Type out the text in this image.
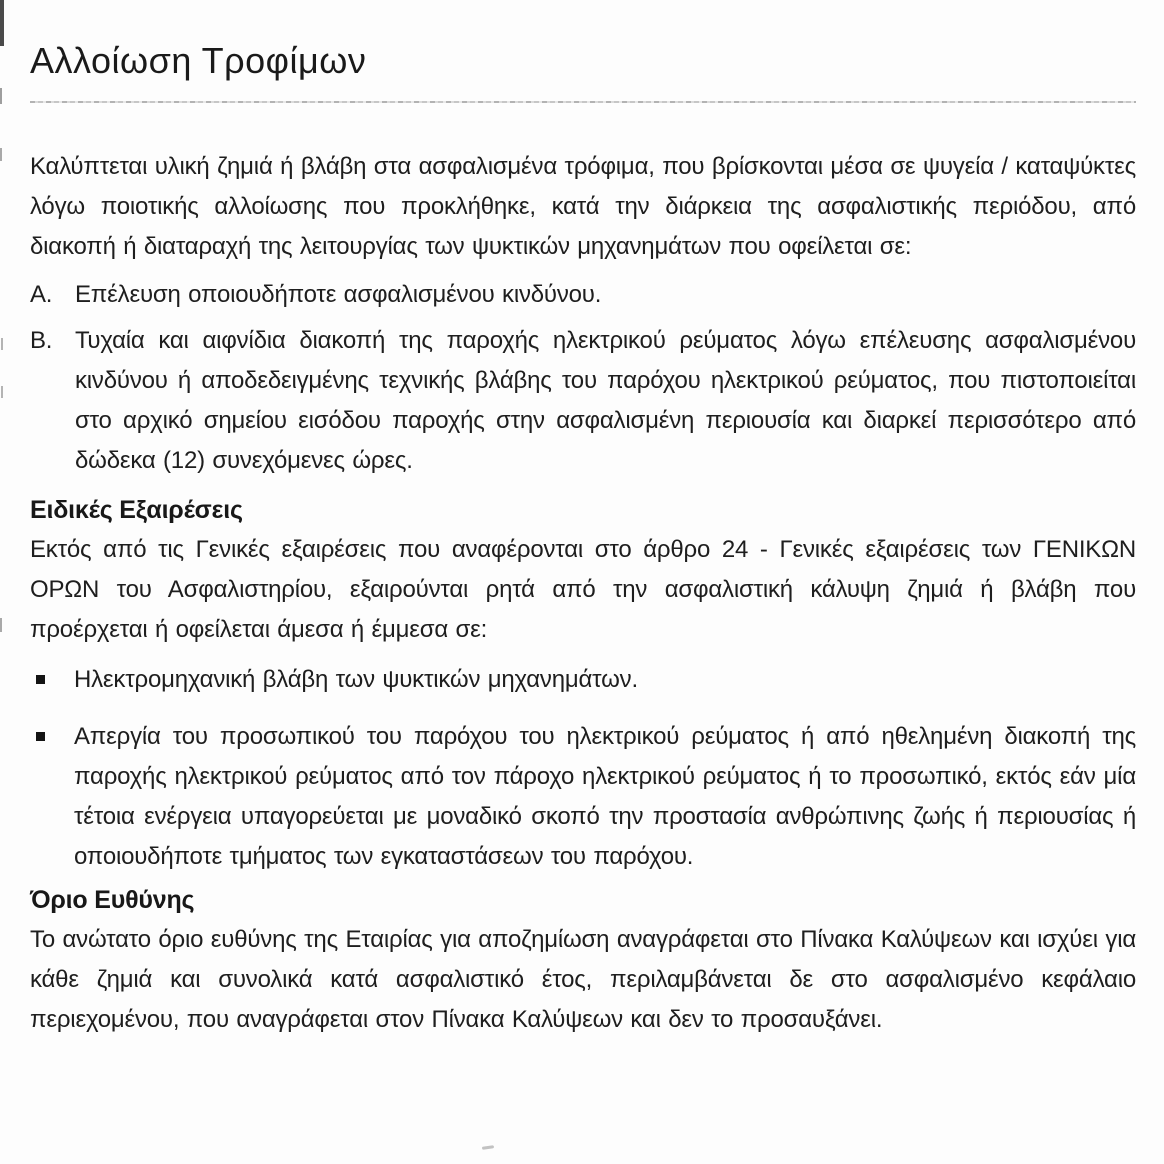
Αλλοίωση Τροφίμων

Καλύπτεται υλική ζημιά ή βλάβη στα ασφαλισμένα τρόφιμα, που βρίσκονται μέσα σε ψυγεία / καταψύκτες λόγω ποιοτικής αλλοίωσης που προκλήθηκε, κατά την διάρκεια της ασφαλιστικής περιόδου, από διακοπή ή διαταραχή της λειτουργίας των ψυκτικών μηχανημάτων που οφείλεται σε:

Α. Επέλευση οποιουδήποτε ασφαλισμένου κινδύνου.
Β. Τυχαία και αιφνίδια διακοπή της παροχής ηλεκτρικού ρεύματος λόγω επέλευσης ασφαλισμένου κινδύνου ή αποδεδειγμένης τεχνικής βλάβης του παρόχου ηλεκτρικού ρεύματος, που πιστοποιείται στο αρχικό σημείου εισόδου παροχής στην ασφαλισμένη περιουσία και διαρκεί περισσότερο από δώδεκα (12) συνεχόμενες ώρες.
Ειδικές Εξαιρέσεις

Εκτός από τις Γενικές εξαιρέσεις που αναφέρονται στο άρθρο 24 - Γενικές εξαιρέσεις των ΓΕΝΙΚΩΝ ΟΡΩΝ του Ασφαλιστηρίου, εξαιρούνται ρητά από την ασφαλιστική κάλυψη ζημιά ή βλάβη που προέρχεται ή οφείλεται άμεσα ή έμμεσα σε:

Ηλεκτρομηχανική βλάβη των ψυκτικών μηχανημάτων.
Απεργία του προσωπικού του παρόχου του ηλεκτρικού ρεύματος ή από ηθελημένη διακοπή της παροχής ηλεκτρικού ρεύματος από τον πάροχο ηλεκτρικού ρεύματος ή το προσωπικό, εκτός εάν μία τέτοια ενέργεια υπαγορεύεται με μοναδικό σκοπό την προστασία ανθρώπινης ζωής ή περιουσίας ή οποιουδήποτε τμήματος των εγκαταστάσεων του παρόχου.
Όριο Ευθύνης

Το ανώτατο όριο ευθύνης της Εταιρίας για αποζημίωση αναγράφεται στο Πίνακα Καλύψεων και ισχύει για κάθε ζημιά και συνολικά κατά ασφαλιστικό έτος, περιλαμβάνεται δε στο ασφαλισμένο κεφάλαιο περιεχομένου, που αναγράφεται στον Πίνακα Καλύψεων και δεν το προσαυξάνει.
